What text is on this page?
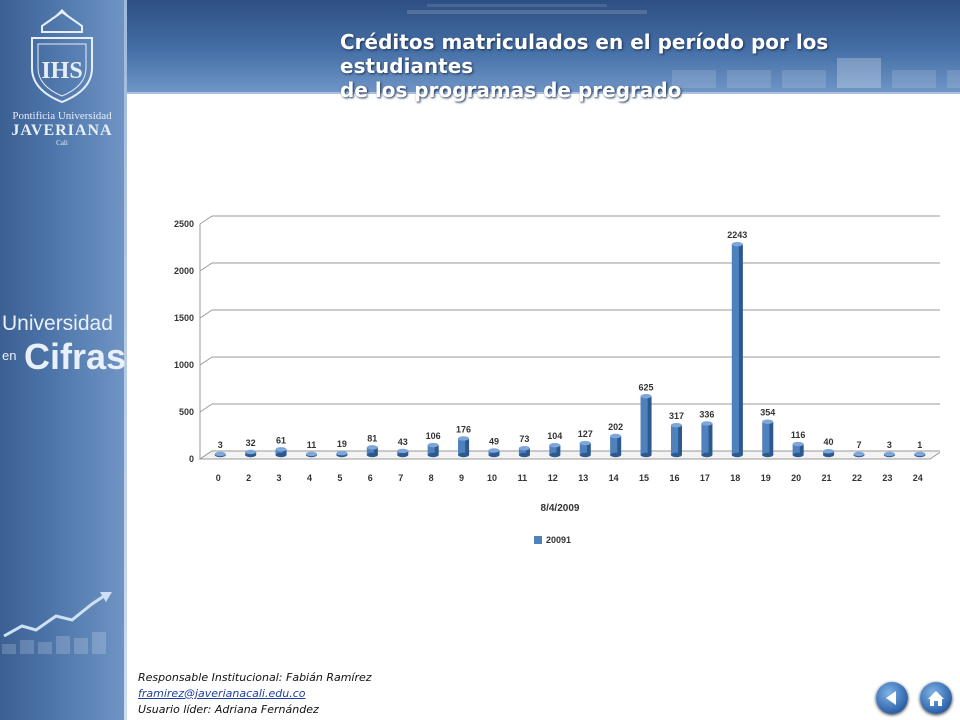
Créditos matriculados en el período por los estudiantes
de los programas de pregrado
IHS
Pontificia Universidad
JAVERIANA
Cali
Universidad
en Cifras
0
500
1000
1500
2000
2500
3
0
32
2
61
3
11
4
19
5
81
6
43
7
106
8
176
9
49
10
73
11
104
12
127
13
202
14
625
15
317
16
336
17
2243
18
354
19
116
20
40
21
7
22
3
23
1
24
8/4/2009
20091
Responsable Institucional: Fabián Ramírez
framirez@javerianacali.edu.co
Usuario líder: Adriana Fernández
